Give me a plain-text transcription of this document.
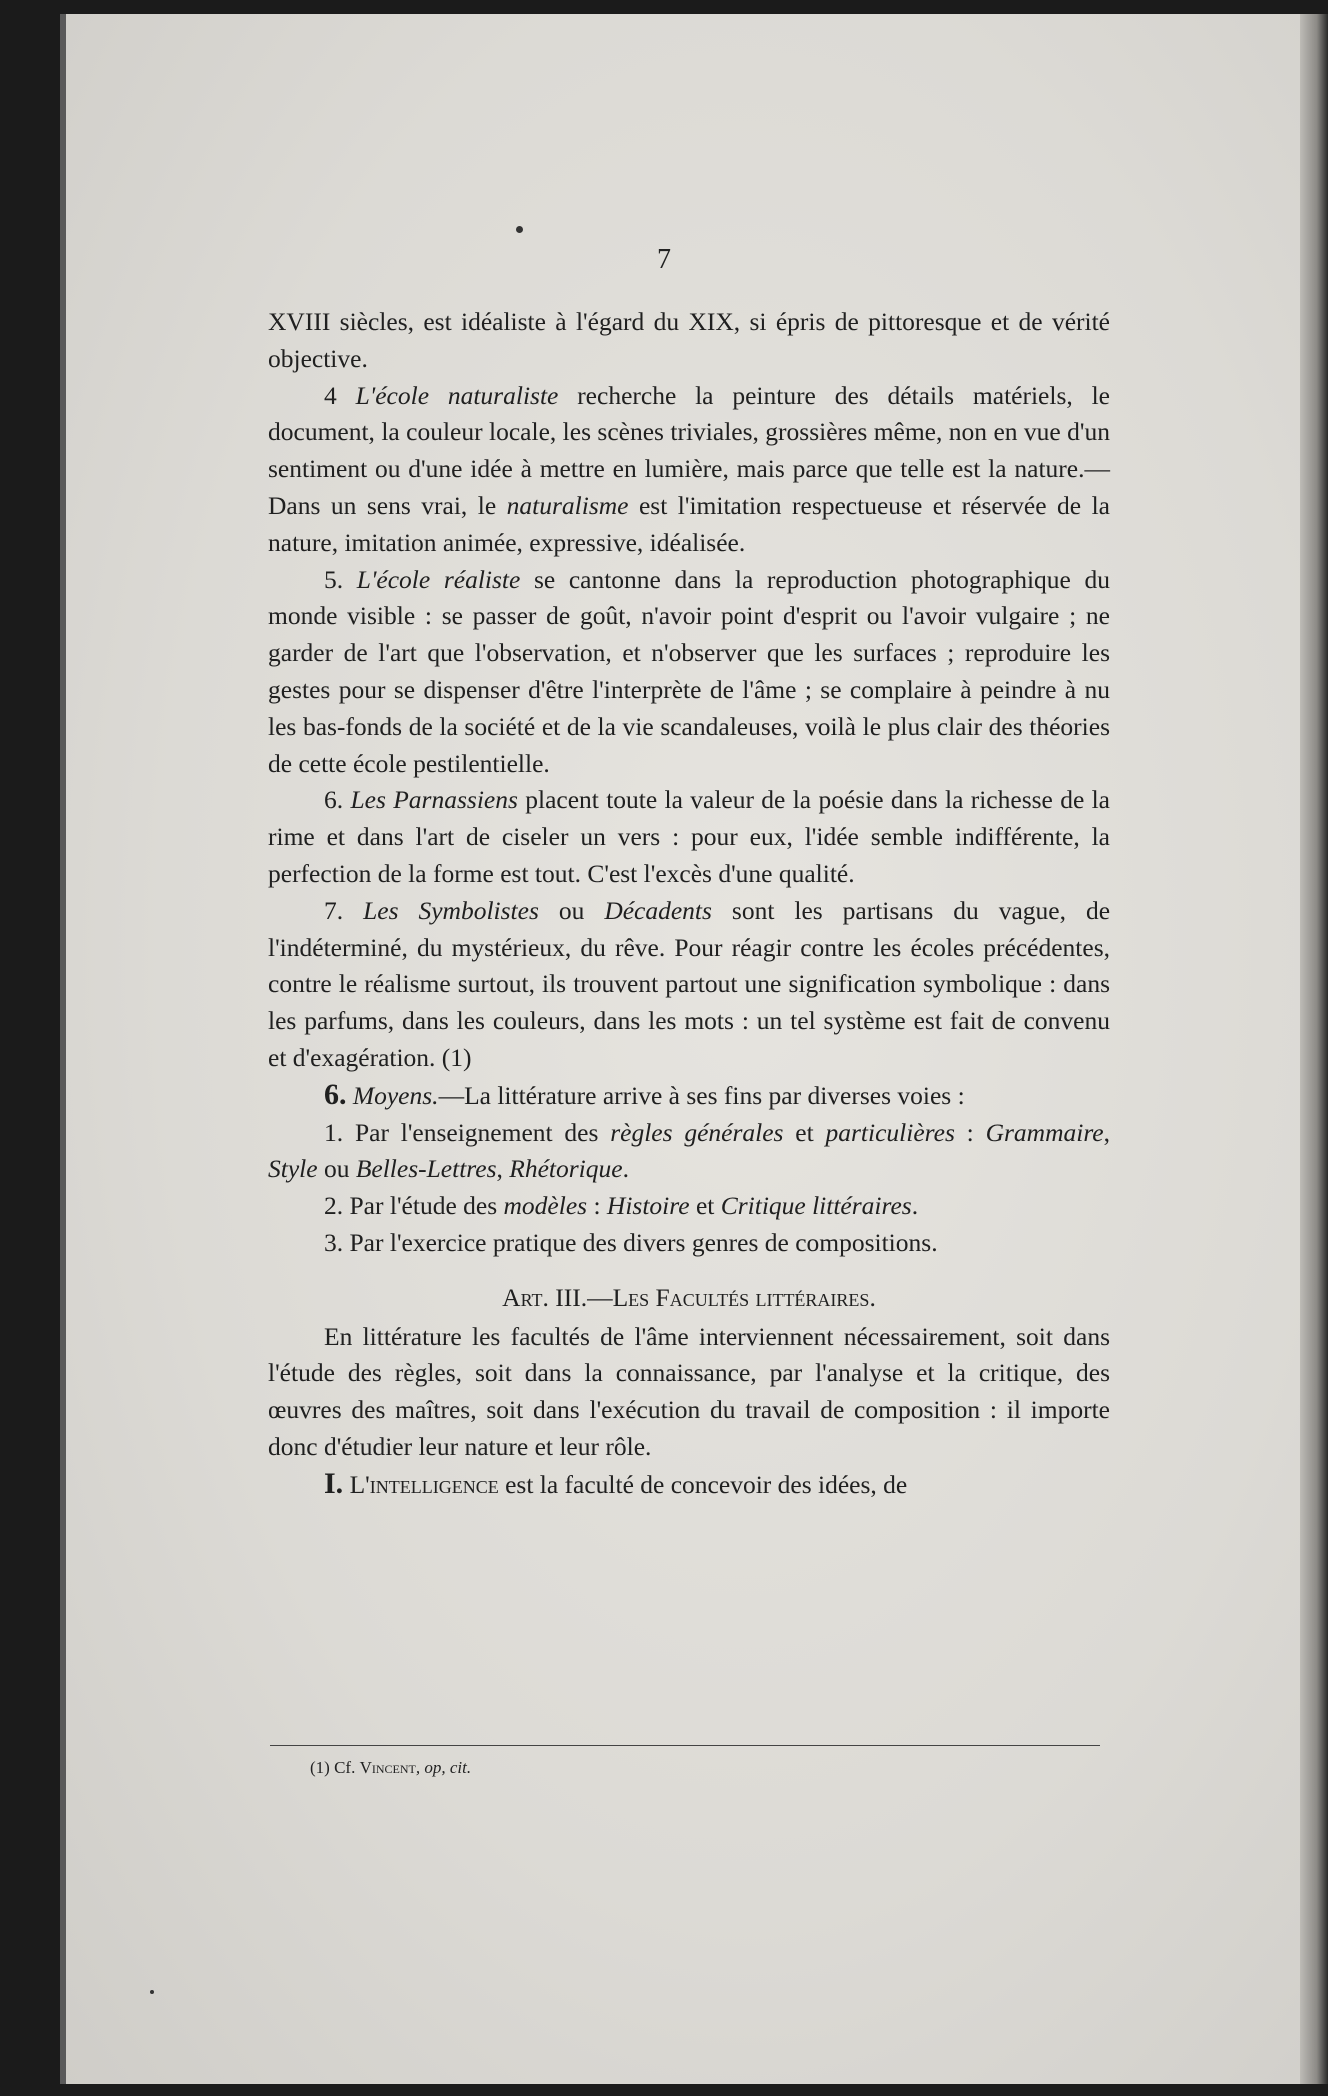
7

XVIII siècles, est idéaliste à l'égard du XIX, si épris de pittoresque et de vérité objective.

4 L'école naturaliste recherche la peinture des détails matériels, le document, la couleur locale, les scènes triviales, grossières même, non en vue d'un sentiment ou d'une idée à mettre en lumière, mais parce que telle est la nature.—Dans un sens vrai, le naturalisme est l'imitation respectueuse et réservée de la nature, imitation animée, expressive, idéalisée.

5. L'école réaliste se cantonne dans la reproduction photographique du monde visible : se passer de goût, n'avoir point d'esprit ou l'avoir vulgaire ; ne garder de l'art que l'observation, et n'observer que les surfaces ; reproduire les gestes pour se dispenser d'être l'interprète de l'âme ; se complaire à peindre à nu les bas-fonds de la société et de la vie scandaleuses, voilà le plus clair des théories de cette école pestilentielle.

6. Les Parnassiens placent toute la valeur de la poésie dans la richesse de la rime et dans l'art de ciseler un vers : pour eux, l'idée semble indifférente, la perfection de la forme est tout. C'est l'excès d'une qualité.

7. Les Symbolistes ou Décadents sont les partisans du vague, de l'indéterminé, du mystérieux, du rêve. Pour réagir contre les écoles précédentes, contre le réalisme surtout, ils trouvent partout une signification symbolique : dans les parfums, dans les couleurs, dans les mots : un tel système est fait de convenu et d'exagération. (1)

6. Moyens.—La littérature arrive à ses fins par diverses voies :

1. Par l'enseignement des règles générales et particulières : Grammaire, Style ou Belles-Lettres, Rhétorique.

2. Par l'étude des modèles : Histoire et Critique littéraires.

3. Par l'exercice pratique des divers genres de compositions.

Art. III.—Les Facultés littéraires.

En littérature les facultés de l'âme interviennent nécessairement, soit dans l'étude des règles, soit dans la connaissance, par l'analyse et la critique, des œuvres des maîtres, soit dans l'exécution du travail de composition : il importe donc d'étudier leur nature et leur rôle.

I. L'intelligence est la faculté de concevoir des idées, de

(1) Cf. Vincent, op, cit.
